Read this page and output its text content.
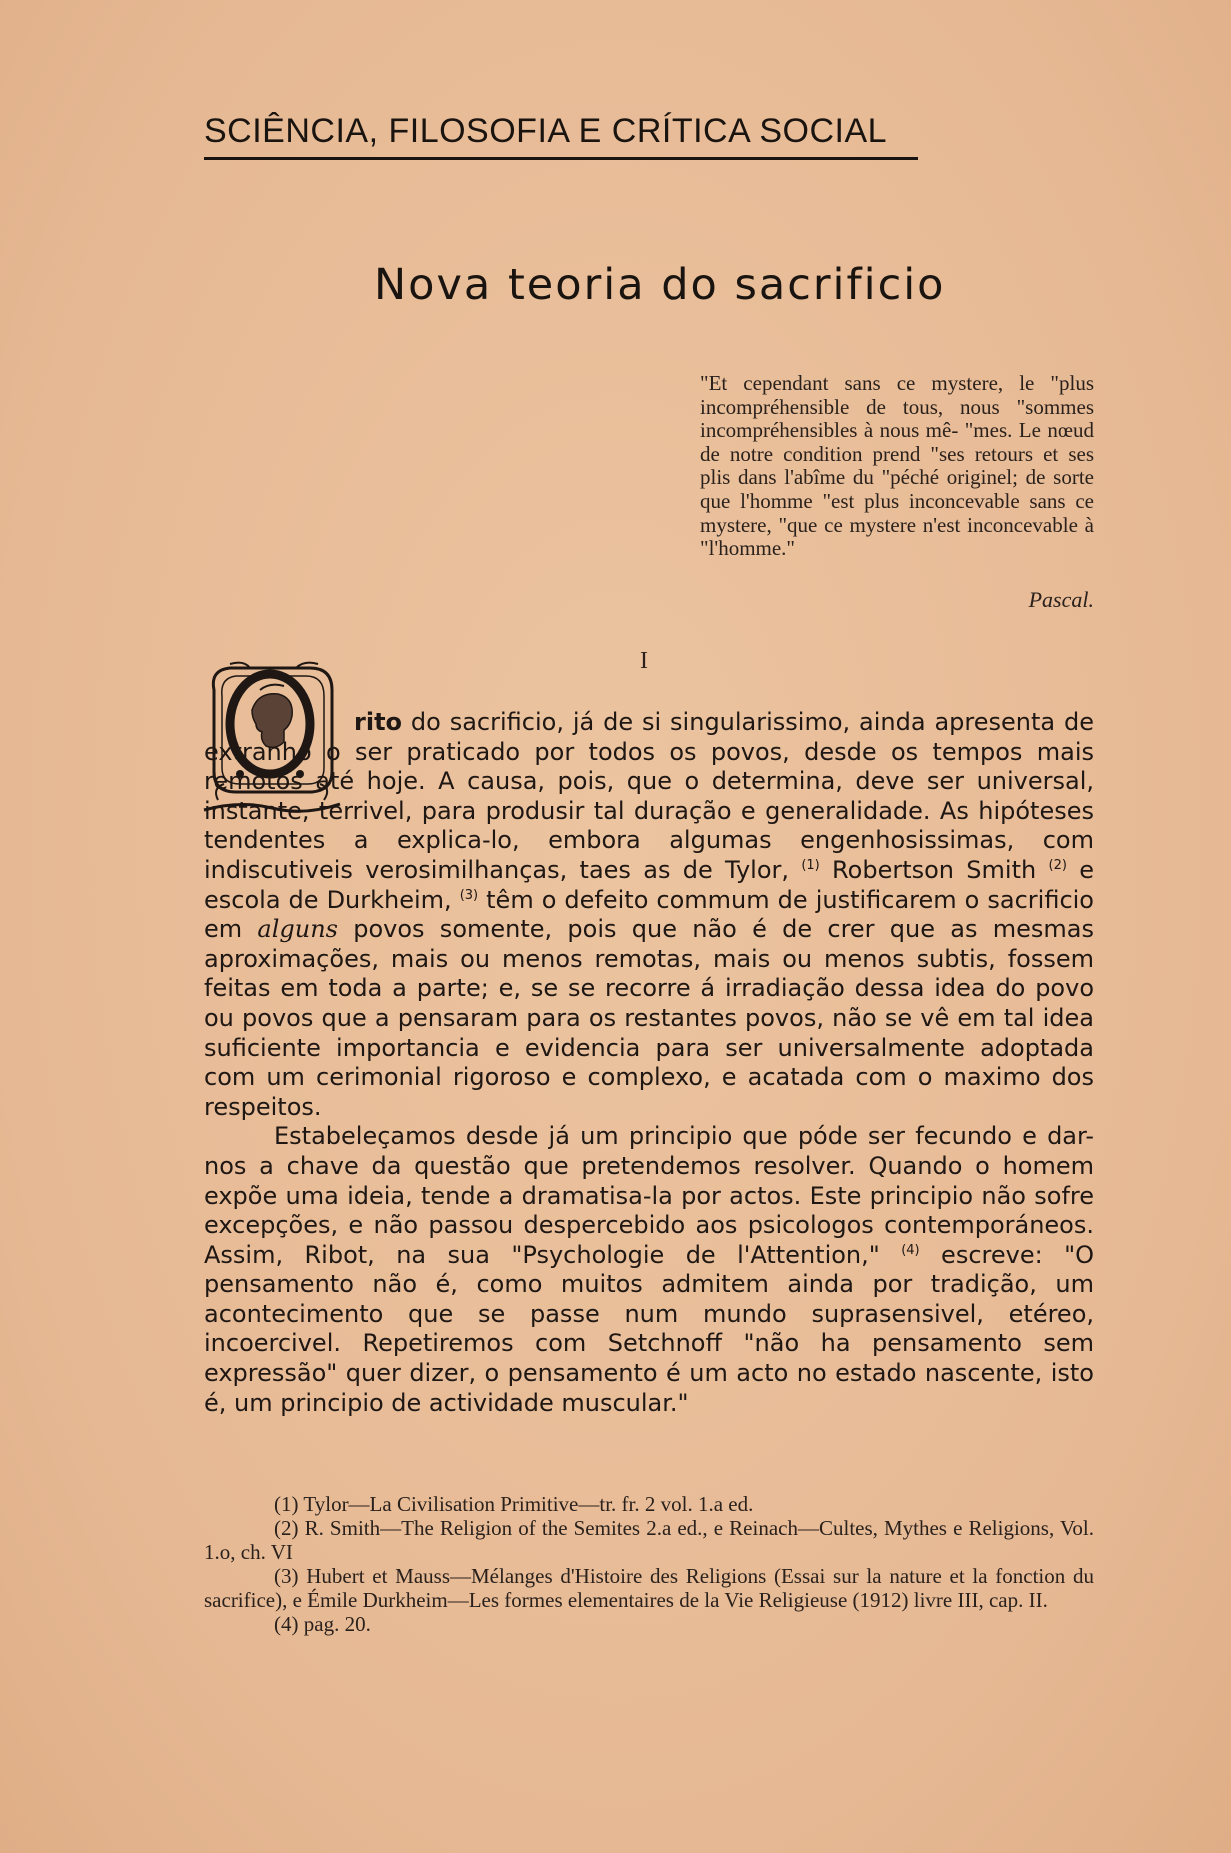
SCIÊNCIA, FILOSOFIA E CRÍTICA SOCIAL
Nova teoria do sacrificio

"Et cependant sans ce mystere, le "plus incompréhensible de tous, nous "sommes incompréhensibles à nous mê- "mes. Le nœud de notre condition prend "ses retours et ses plis dans l'abîme du "péché originel; de sorte que l'homme "est plus inconcevable sans ce mystere, "que ce mystere n'est inconcevable à "l'homme."

Pascal.
I

rito do sacrificio, já de si singularissimo, ainda apresenta de extranho o ser praticado por todos os povos, desde os tempos mais remotos até hoje. A causa, pois, que o determina, deve ser universal, instante, terrivel, para produsir tal duração e generalidade. As hipóteses tendentes a explica-lo, embora algumas engenhosissimas, com indiscutiveis verosimilhanças, taes as de Tylor, $^{(1)}$ Robertson Smith $^{(2)}$ e escola de Durkheim, $^{(3)}$ têm o defeito commum de justificarem o sacrificio em alguns povos somente, pois que não é de crer que as mesmas aproximações, mais ou menos remotas, mais ou menos subtis, fossem feitas em toda a parte; e, se se recorre á irradiação dessa idea do povo ou povos que a pensaram para os restantes povos, não se vê em tal idea suficiente importancia e evidencia para ser universalmente adoptada com um cerimonial rigoroso e complexo, e acatada com o maximo dos respeitos.

Estabeleçamos desde já um principio que póde ser fecundo e dar-nos a chave da questão que pretendemos resolver. Quando o homem expõe uma ideia, tende a dramatisa-la por actos. Este principio não sofre excepções, e não passou despercebido aos psicologos contemporáneos. Assim, Ribot, na sua "Psychologie de l'Attention," $^{(4)}$ escreve: "O pensamento não é, como muitos admitem ainda por tradição, um acontecimento que se passe num mundo suprasensivel, etéreo, incoercivel. Repetiremos com Setchnoff "não ha pensamento sem expressão" quer dizer, o pensamento é um acto no estado nascente, isto é, um principio de actividade muscular."

(1) Tylor—La Civilisation Primitive—tr. fr. 2 vol. 1.a ed.

(2) R. Smith—The Religion of the Semites 2.a ed., e Reinach—Cultes, Mythes e Religions, Vol. 1.o, ch. VI

(3) Hubert et Mauss—Mélanges d'Histoire des Religions (Essai sur la nature et la fonction du sacrifice), e Émile Durkheim—Les formes elementaires de la Vie Religieuse (1912) livre III, cap. II.

(4) pag. 20.
